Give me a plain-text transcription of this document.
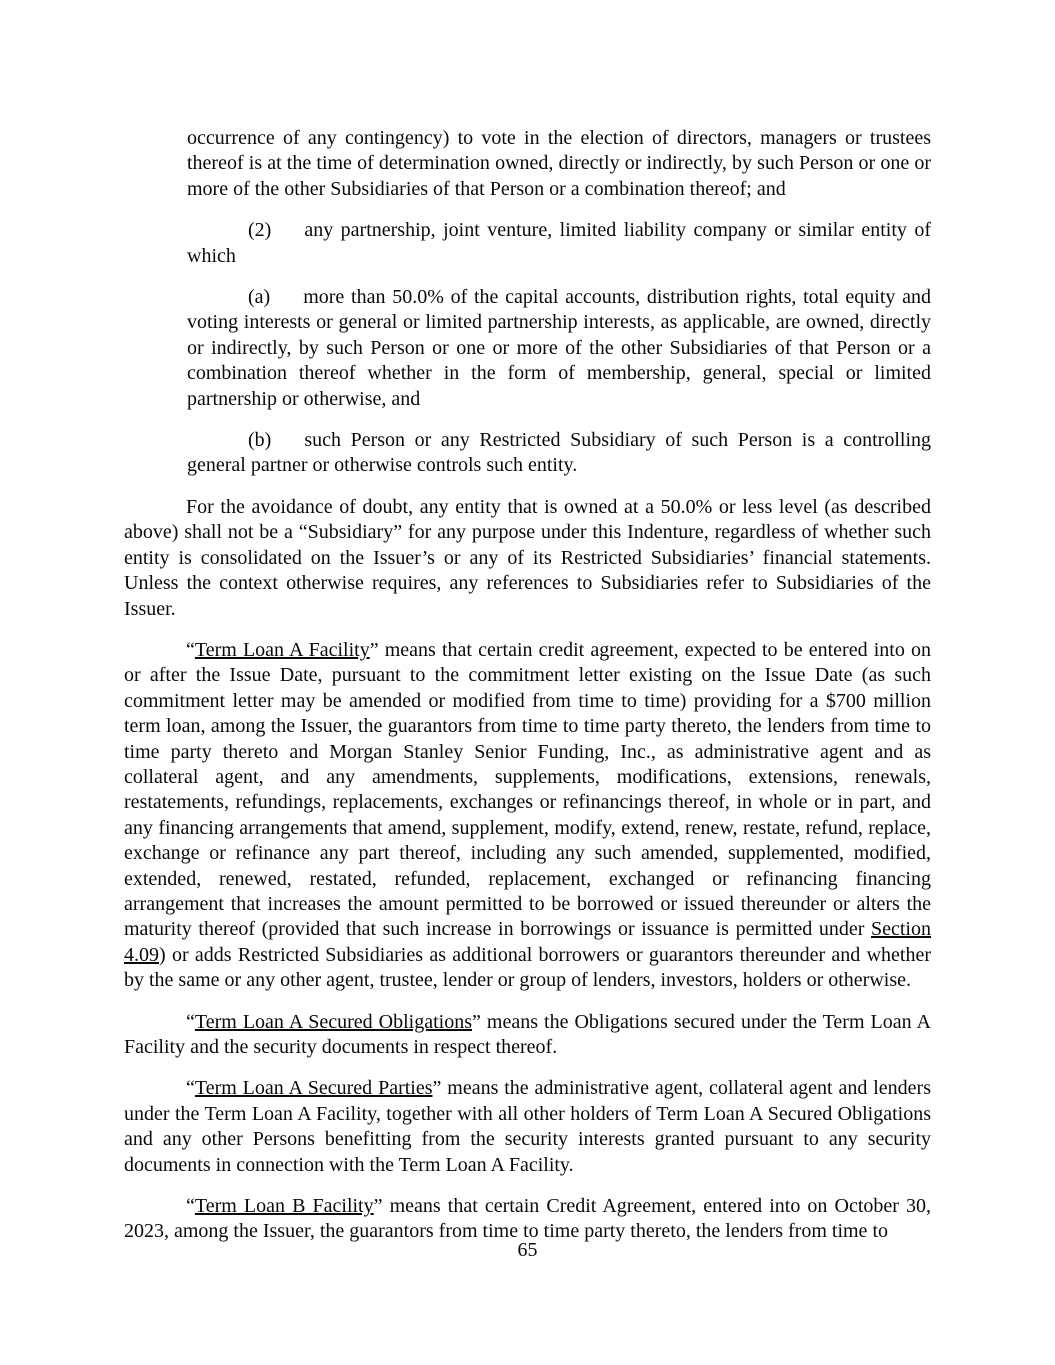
occurrence of any contingency) to vote in the election of directors, managers or trustees thereof is at the time of determination owned, directly or indirectly, by such Person or one or more of the other Subsidiaries of that Person or a combination thereof; and

(2) any partnership, joint venture, limited liability company or similar entity of which

(a) more than 50.0% of the capital accounts, distribution rights, total equity and voting interests or general or limited partnership interests, as applicable, are owned, directly or indirectly, by such Person or one or more of the other Subsidiaries of that Person or a combination thereof whether in the form of membership, general, special or limited partnership or otherwise, and

(b) such Person or any Restricted Subsidiary of such Person is a controlling general partner or otherwise controls such entity.

For the avoidance of doubt, any entity that is owned at a 50.0% or less level (as described above) shall not be a “Subsidiary” for any purpose under this Indenture, regardless of whether such entity is consolidated on the Issuer’s or any of its Restricted Subsidiaries’ financial statements. Unless the context otherwise requires, any references to Subsidiaries refer to Subsidiaries of the Issuer.

“Term Loan A Facility” means that certain credit agreement, expected to be entered into on or after the Issue Date, pursuant to the commitment letter existing on the Issue Date (as such commitment letter may be amended or modified from time to time) providing for a $700 million term loan, among the Issuer, the guarantors from time to time party thereto, the lenders from time to time party thereto and Morgan Stanley Senior Funding, Inc., as administrative agent and as collateral agent, and any amendments, supplements, modifications, extensions, renewals, restatements, refundings, replacements, exchanges or refinancings thereof, in whole or in part, and any financing arrangements that amend, supplement, modify, extend, renew, restate, refund, replace, exchange or refinance any part thereof, including any such amended, supplemented, modified, extended, renewed, restated, refunded, replacement, exchanged or refinancing financing arrangement that increases the amount permitted to be borrowed or issued thereunder or alters the maturity thereof (provided that such increase in borrowings or issuance is permitted under Section 4.09) or adds Restricted Subsidiaries as additional borrowers or guarantors thereunder and whether by the same or any other agent, trustee, lender or group of lenders, investors, holders or otherwise.

“Term Loan A Secured Obligations” means the Obligations secured under the Term Loan A Facility and the security documents in respect thereof.

“Term Loan A Secured Parties” means the administrative agent, collateral agent and lenders under the Term Loan A Facility, together with all other holders of Term Loan A Secured Obligations and any other Persons benefitting from the security interests granted pursuant to any security documents in connection with the Term Loan A Facility.

“Term Loan B Facility” means that certain Credit Agreement, entered into on October 30, 2023, among the Issuer, the guarantors from time to time party thereto, the lenders from time to

65
